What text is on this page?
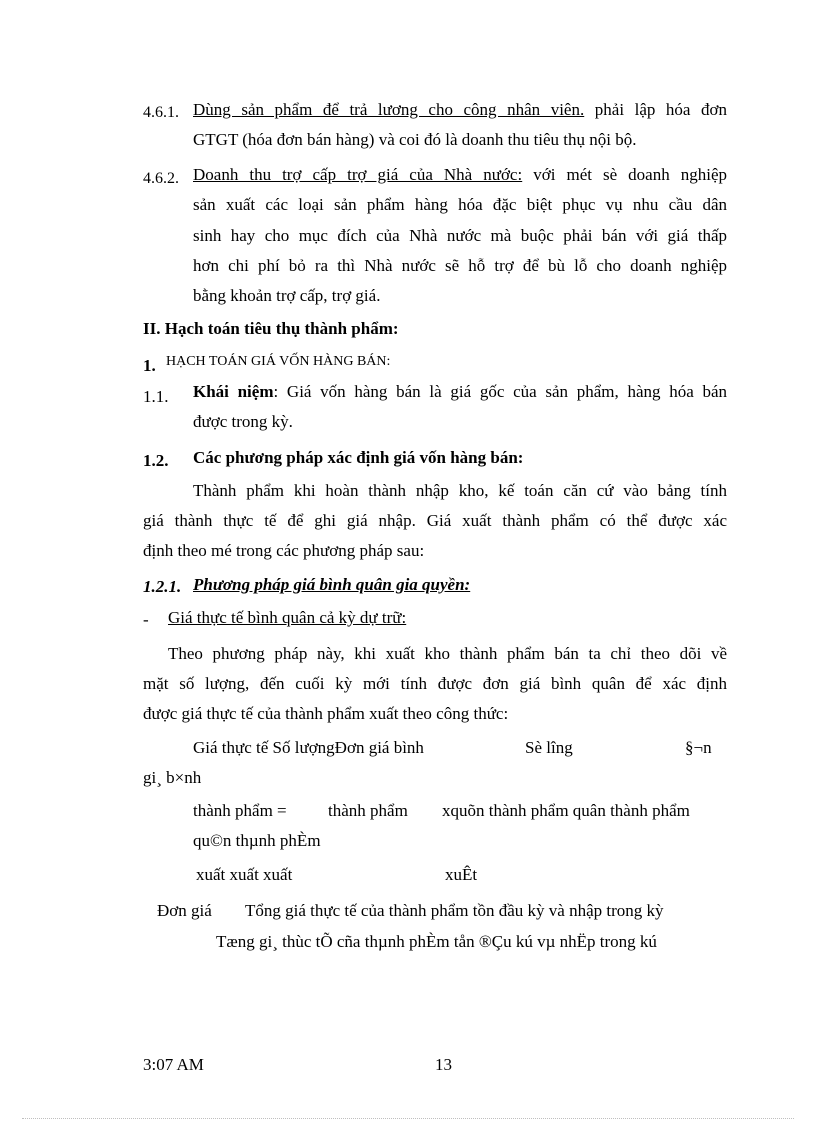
4.6.1. Dùng sản phẩm để trả lương cho công nhân viên. phải lập hóa đơn
GTGT (hóa đơn bán hàng) và coi đó là doanh thu tiêu thụ nội bộ.
4.6.2. Doanh thu trợ cấp trợ giá của Nhà nước: với mét sè doanh nghiệp
sản xuất các loại sản phẩm hàng hóa đặc biệt phục vụ nhu cầu dân
sinh hay cho mục đích của Nhà nước mà buộc phải bán với giá thấp
hơn chi phí bỏ ra thì Nhà nước sẽ hỗ trợ để bù lỗ cho doanh nghiệp
bằng khoản trợ cấp, trợ giá.
II. Hạch toán tiêu thụ thành phẩm:
1. HẠCH TOÁN GIÁ VỐN HÀNG BÁN:
1.1. Khái niệm: Giá vốn hàng bán là giá gốc của sản phẩm, hàng hóa bán
được trong kỳ.
1.2. Các phương pháp xác định giá vốn hàng bán:
Thành phẩm khi hoàn thành nhập kho, kế toán căn cứ vào bảng tính
giá thành thực tế để ghi giá nhập. Giá xuất thành phẩm có thể được xác
định theo mé trong các phương pháp sau:
1.2.1. Phương pháp giá bình quân gia quyền:
- Giá thực tế bình quân cả kỳ dự trữ:
Theo phương pháp này, khi xuất kho thành phẩm bán ta chỉ theo dõi về
mặt số lượng, đến cuối kỳ mới tính được đơn giá bình quân để xác định
được giá thực tế của thành phẩm xuất theo công thức:
Giá thực tế Số lượngĐơn giá bình	Sè lîng	§¬n
gi¸ b×nh
thành phẩm = thành phẩm xquõn thành phẩm quân thành phẩm
qu©n thµnh phÈm
xuất xuất xuất	xuÊt
Đơn giá Tổng giá thực tế của thành phẩm tồn đầu kỳ và nhập trong kỳ
Tæng gi¸ thùc tÕ cña thµnh phÈm tån ®Çu kú vµ nhËp trong kú
3:07 AM	13
